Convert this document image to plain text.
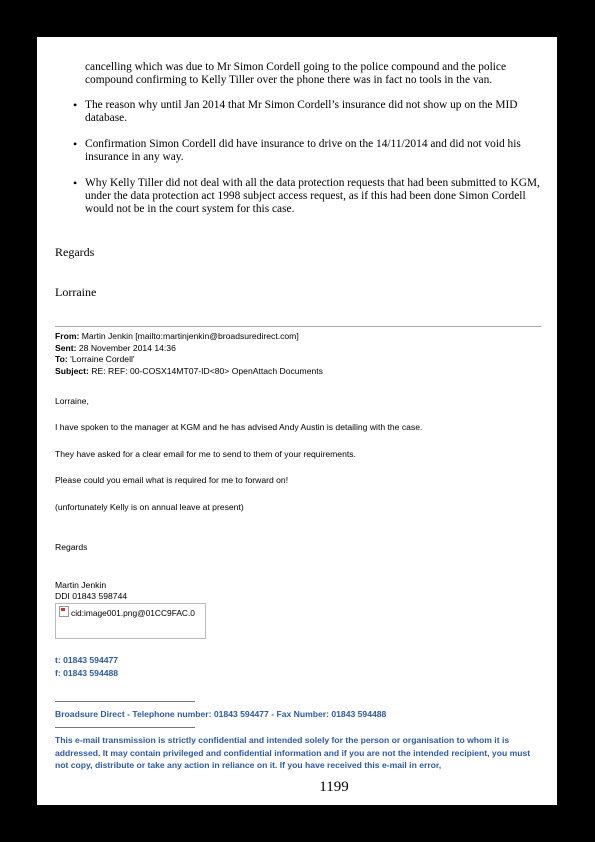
cancelling which was due to Mr Simon Cordell going to the police compound and the police compound confirming to Kelly Tiller over the phone there was in fact no tools in the van.
• The reason why until Jan 2014 that Mr Simon Cordell’s insurance did not show up on the MID database.
• Confirmation Simon Cordell did have insurance to drive on the 14/11/2014 and did not void his insurance in any way.
• Why Kelly Tiller did not deal with all the data protection requests that had been submitted to KGM, under the data protection act 1998 subject access request, as if this had been done Simon Cordell would not be in the court system for this case.
Regards
Lorraine
From: Martin Jenkin [mailto:martinjenkin@broadsuredirect.com]
Sent: 28 November 2014 14:36
To: 'Lorraine Cordell'
Subject: RE: REF: 00-COSX14MT07-ID<80> OpenAttach Documents
Lorraine,
I have spoken to the manager at KGM and he has advised Andy Austin is detailing with the case.
They have asked for a clear email for me to send to them of your requirements.
Please could you email what is required for me to forward on!
(unfortunately Kelly is on annual leave at present)
Regards
Martin Jenkin
DDI 01843 598744
cid:image001.png@01CC9FAC.0
t: 01843 594477
f: 01843 594488
Broadsure Direct - Telephone number: 01843 594477 - Fax Number: 01843 594488
This e-mail transmission is strictly confidential and intended solely for the person or organisation to whom it is addressed. It may contain privileged and confidential information and if you are not the intended recipient, you must not copy, distribute or take any action in reliance on it. If you have received this e-mail in error,
1199
